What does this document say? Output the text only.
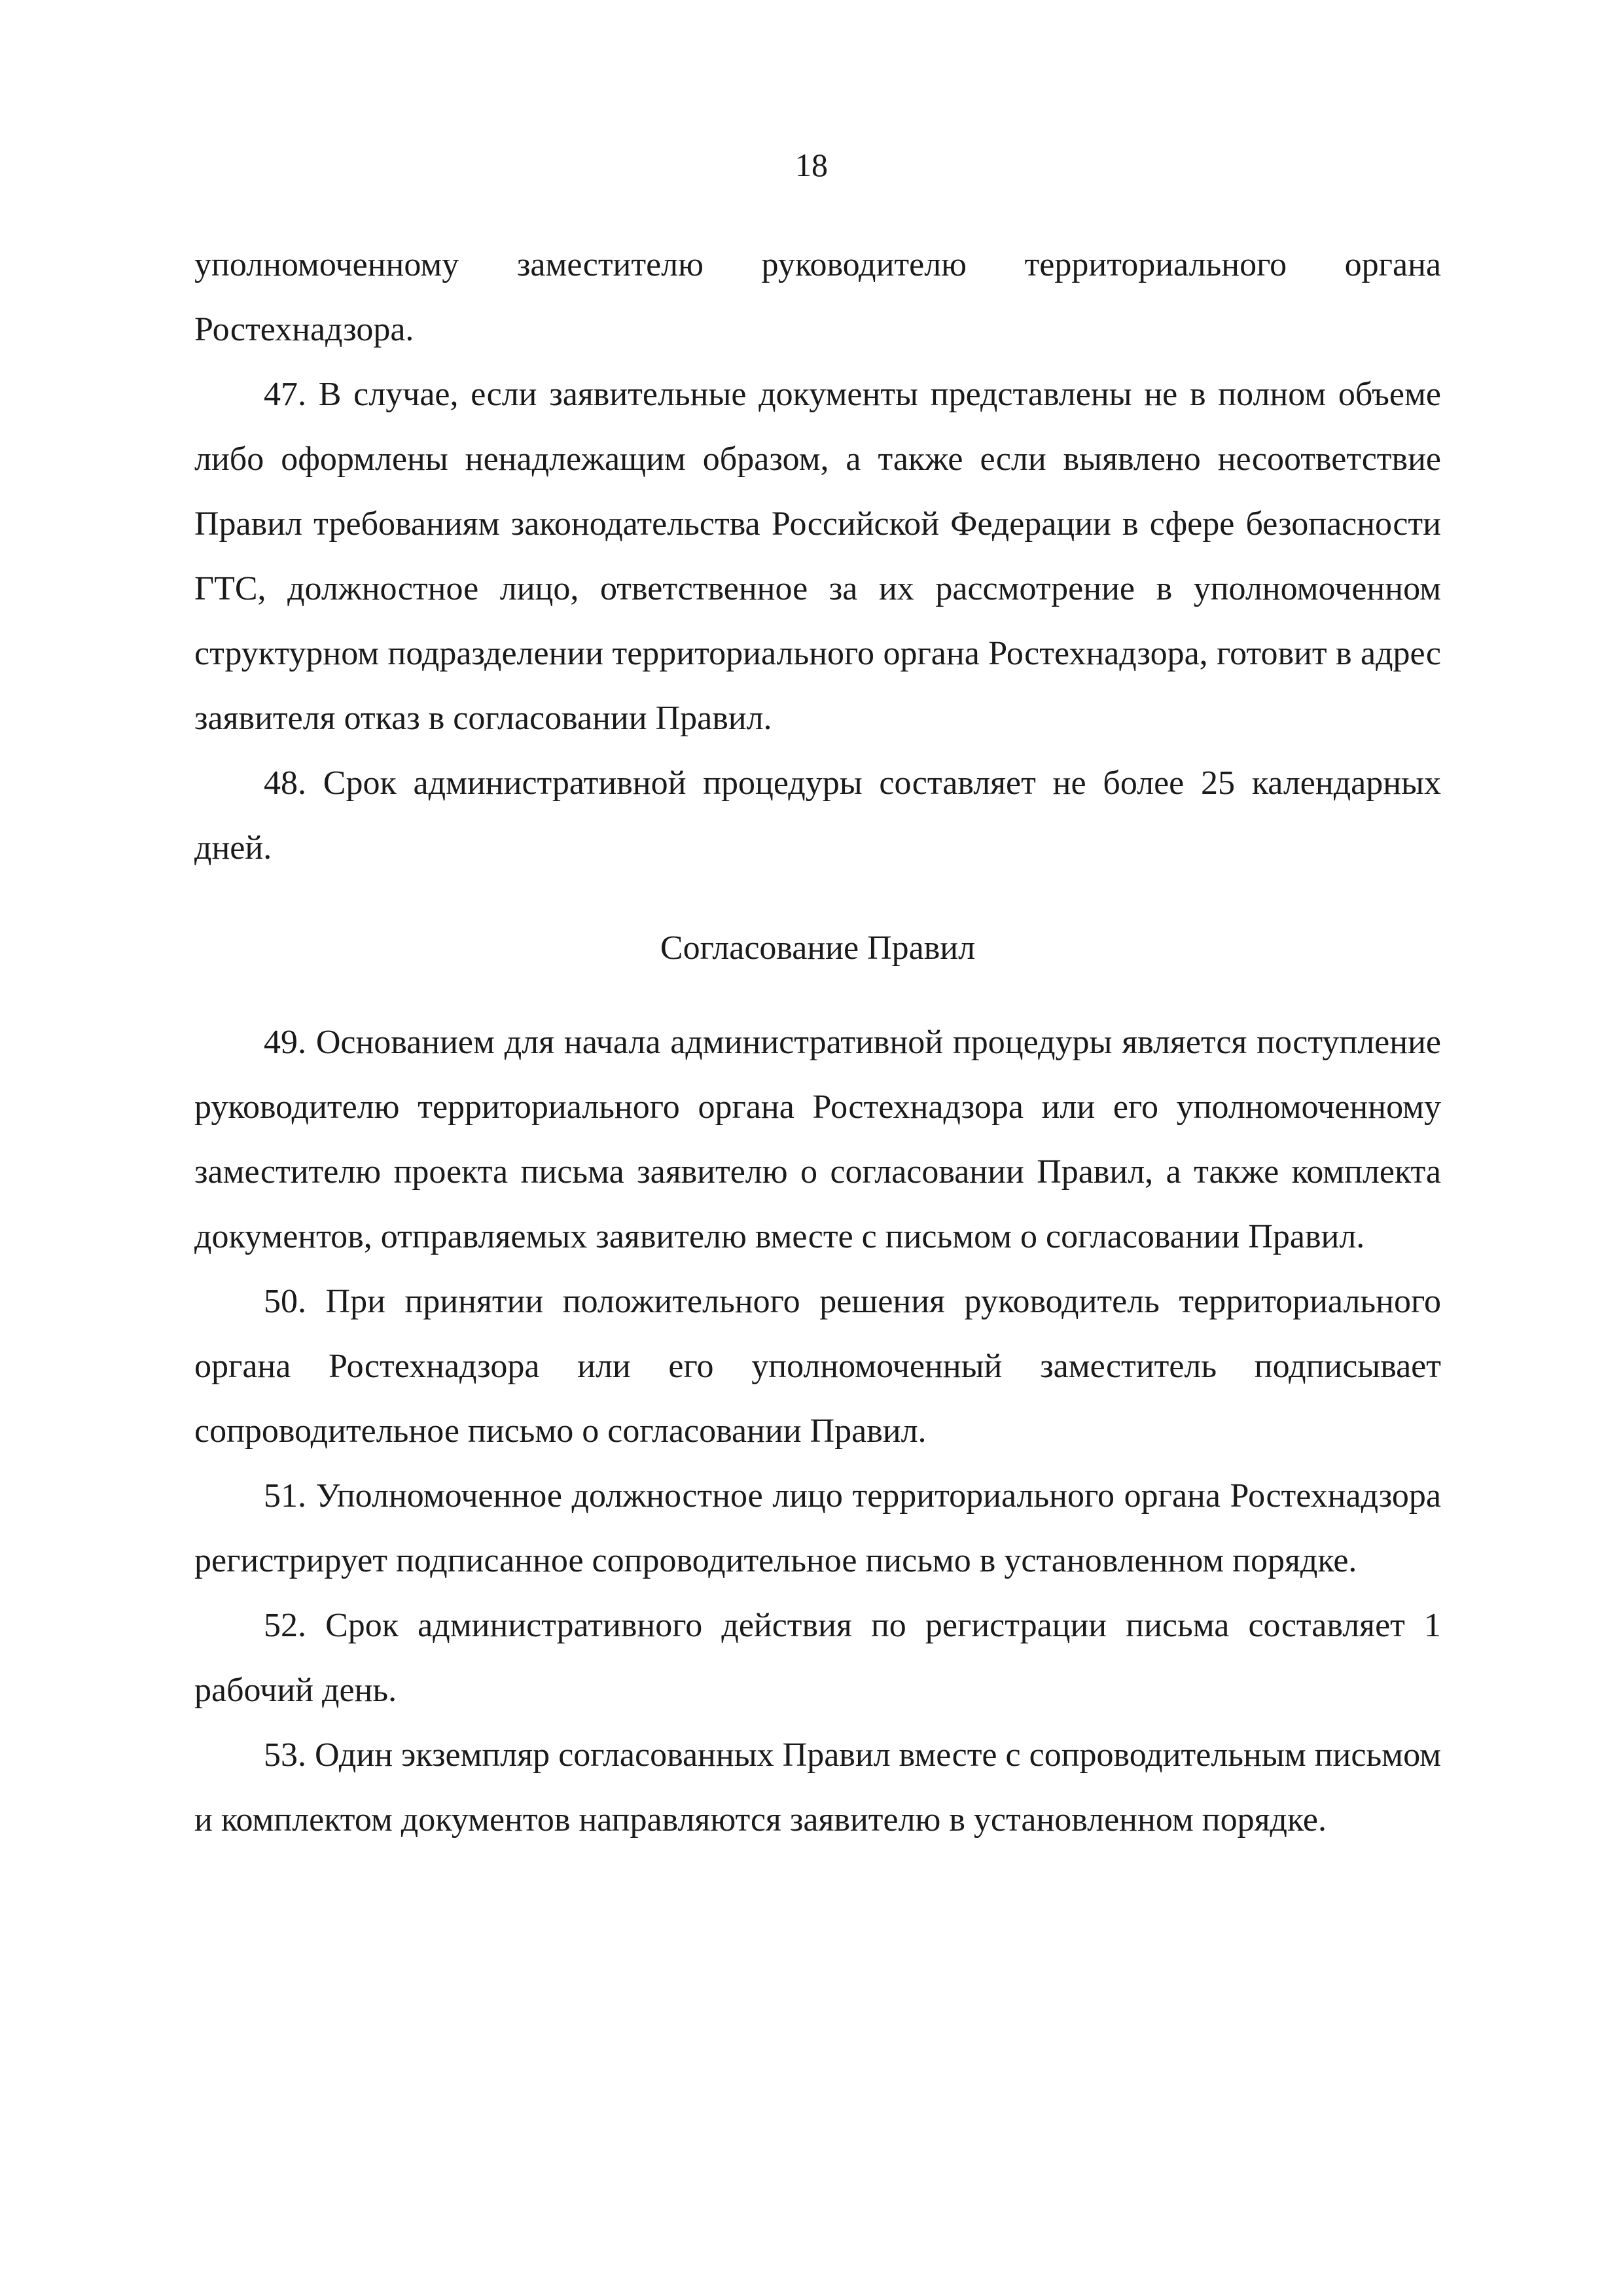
18

уполномоченному заместителю руководителю территориального органа Ростехнадзора.

47. В случае, если заявительные документы представлены не в полном объеме либо оформлены ненадлежащим образом, а также если выявлено несоответствие Правил требованиям законодательства Российской Федерации в сфере безопасности ГТС, должностное лицо, ответственное за их рассмотрение в уполномоченном структурном подразделении территориального органа Ростехнадзора, готовит в адрес заявителя отказ в согласовании Правил.

48. Срок административной процедуры составляет не более 25 календарных дней.

Согласование Правил

49. Основанием для начала административной процедуры является поступление руководителю территориального органа Ростехнадзора или его уполномоченному заместителю проекта письма заявителю о согласовании Правил, а также комплекта документов, отправляемых заявителю вместе с письмом о согласовании Правил.

50. При принятии положительного решения руководитель территориального органа Ростехнадзора или его уполномоченный заместитель подписывает сопроводительное письмо о согласовании Правил.

51. Уполномоченное должностное лицо территориального органа Ростехнадзора регистрирует подписанное сопроводительное письмо в установленном порядке.

52. Срок административного действия по регистрации письма составляет 1 рабочий день.

53. Один экземпляр согласованных Правил вместе с сопроводительным письмом и комплектом документов направляются заявителю в установленном порядке.
